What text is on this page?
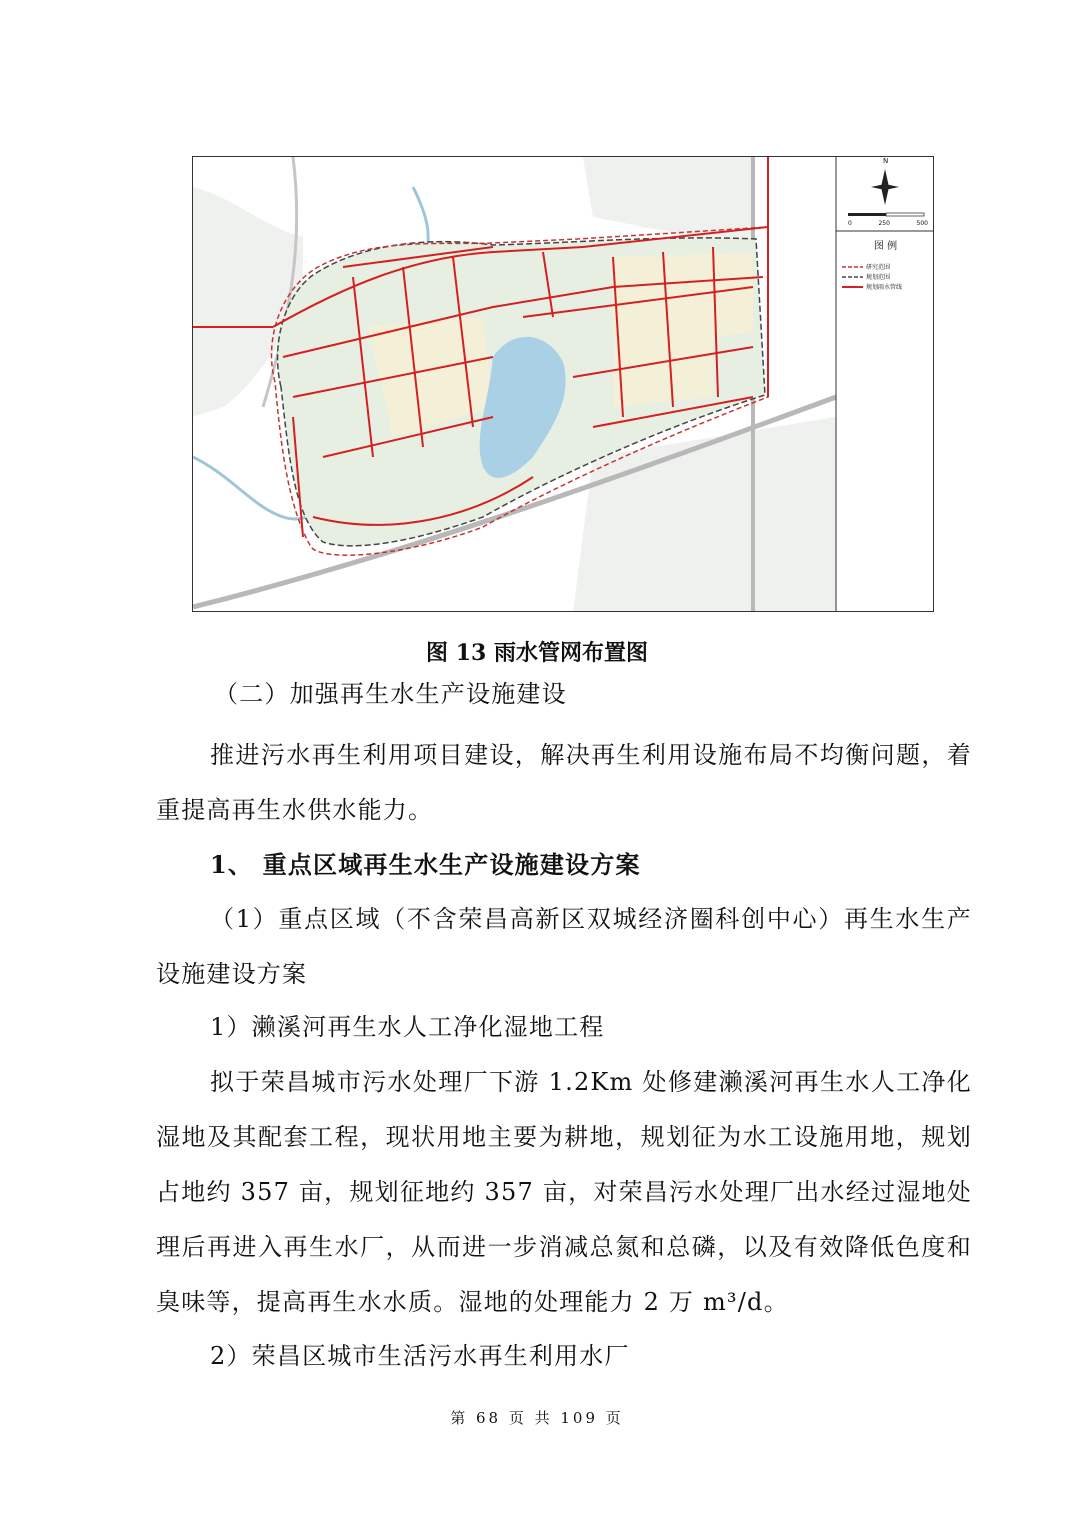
N
0	250	500
图 例
研究范围
规划范围
规划雨水管线
图 13 雨水管网布置图

（二）加强再生水生产设施建设

推进污水再生利用项目建设，解决再生利用设施布局不均衡问题，着重提高再生水供水能力。

1、 重点区域再生水生产设施建设方案

（1）重点区域（不含荣昌高新区双城经济圈科创中心）再生水生产设施建设方案

1）濑溪河再生水人工净化湿地工程

拟于荣昌城市污水处理厂下游 1.2Km 处修建濑溪河再生水人工净化湿地及其配套工程，现状用地主要为耕地，规划征为水工设施用地，规划占地约 357 亩，规划征地约 357 亩，对荣昌污水处理厂出水经过湿地处理后再进入再生水厂，从而进一步消减总氮和总磷，以及有效降低色度和臭味等，提高再生水水质。湿地的处理能力 2 万 m³/d。

2）荣昌区城市生活污水再生利用水厂

第 68 页 共 109 页
